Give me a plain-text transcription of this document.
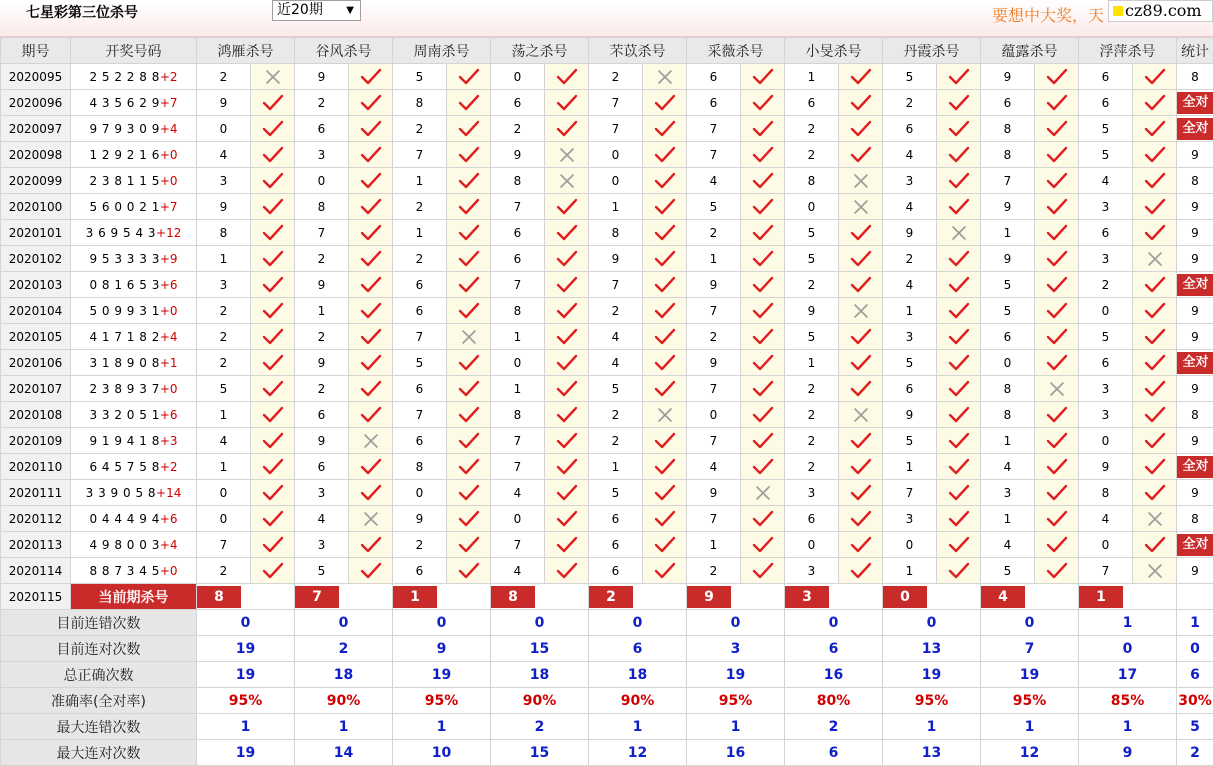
七星彩第三位杀号	近20期 ▼	要想中大奖，天	cz89.com
期号	开奖号码	鸿雁杀号		谷风杀号		周南杀号		荡之杀号		芣苡杀号		采薇杀号		小旻杀号		丹霞杀号		蕴露杀号		浮萍杀号		统计
2020095	2 5 2 2 8 8+2	2		9		5		0		2		6		1		5		9		6		8
2020096	4 3 5 6 2 9+7	9		2		8		6		7		6		6		2		6		6		全对
2020097	9 7 9 3 0 9+4	0		6		2		2		7		7		2		6		8		5		全对
2020098	1 2 9 2 1 6+0	4		3		7		9		0		7		2		4		8		5		9
2020099	2 3 8 1 1 5+0	3		0		1		8		0		4		8		3		7		4		8
2020100	5 6 0 0 2 1+7	9		8		2		7		1		5		0		4		9		3		9
2020101	3 6 9 5 4 3+12	8		7		1		6		8		2		5		9		1		6		9
2020102	9 5 3 3 3 3+9	1		2		2		6		9		1		5		2		9		3		9
2020103	0 8 1 6 5 3+6	3		9		6		7		7		9		2		4		5		2		全对
2020104	5 0 9 9 3 1+0	2		1		6		8		2		7		9		1		5		0		9
2020105	4 1 7 1 8 2+4	2		2		7		1		4		2		5		3		6		5		9
2020106	3 1 8 9 0 8+1	2		9		5		0		4		9		1		5		0		6		全对
2020107	2 3 8 9 3 7+0	5		2		6		1		5		7		2		6		8		3		9
2020108	3 3 2 0 5 1+6	1		6		7		8		2		0		2		9		8		3		8
2020109	9 1 9 4 1 8+3	4		9		6		7		2		7		2		5		1		0		9
2020110	6 4 5 7 5 8+2	1		6		8		7		1		4		2		1		4		9		全对
2020111	3 3 9 0 5 8+14	0		3		0		4		5		9		3		7		3		8		9
2020112	0 4 4 4 9 4+6	0		4		9		0		6		7		6		3		1		4		8
2020113	4 9 8 0 0 3+4	7		3		2		7		6		1		0		0		4		0		全对
2020114	8 8 7 3 4 5+0	2		5		6		4		6		2		3		1		5		7		9
2020115	当前期杀号	8		7		1		8		2		9		3		0		4		1		

目前连错次数		0		0		0		0		0		0		0		0		0		1		1
目前连对次数		19		2		9		15		6		3		6		13		7		0		0
总正确次数		19		18		19		18		18		19		16		19		19		17		6
准确率(全对率)		95%		90%		95%		90%		90%		95%		80%		95%		95%		85%		30%
最大连错次数		1		1		1		2		1		1		2		1		1		1		5
最大连对次数		19		14		10		15		12		16		6		13		12		9		2
